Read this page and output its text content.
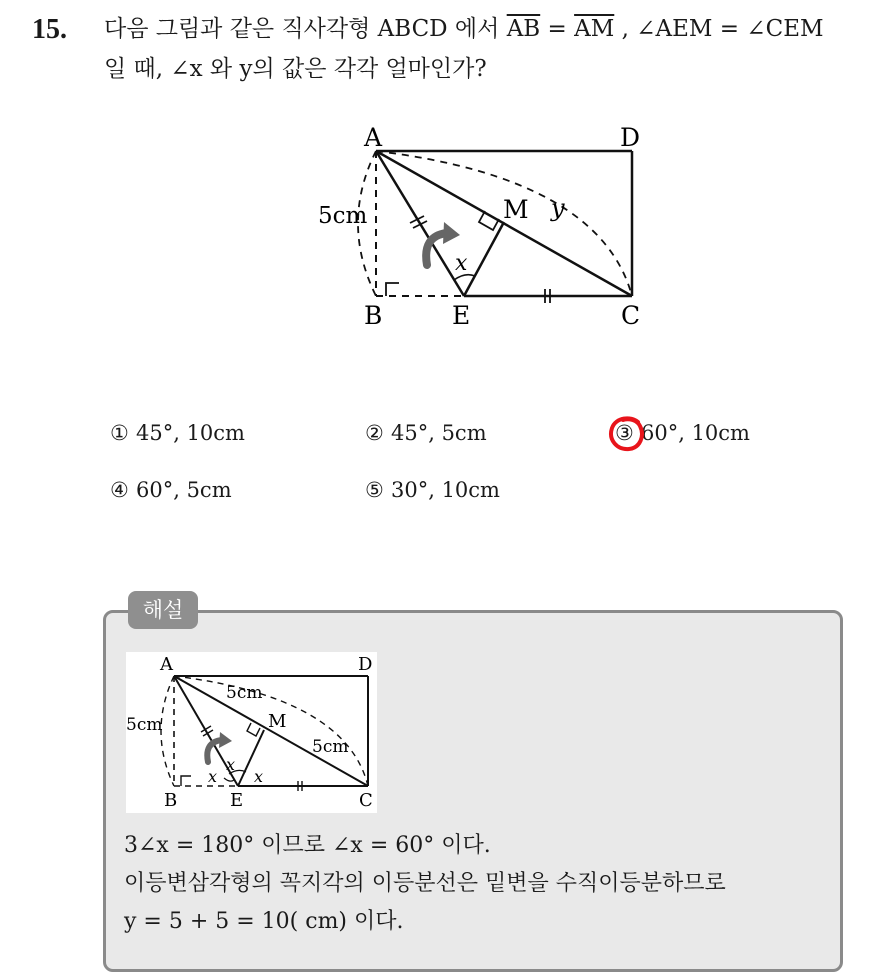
15. 다음 그림과 같은 직사각형 ABCD 에서 $\overline{AB} = \overline{AM}$ , ∠AEM = ∠CEM
일 때, ∠x 와 y의 값은 각각 얼마인가?
A	D
B	E	C
M
x
y
5cm
① 45°, 10cm	② 45°, 5cm	③ 60°, 10cm
④ 60°, 5cm	⑤ 30°, 10cm
해설
A	D
B	E	C
M
x
x x
5cm
5cm
5cm
3∠x = 180° 이므로 ∠x = 60° 이다.
이등변삼각형의 꼭지각의 이등분선은 밑변을 수직이등분하므로
y = 5 + 5 = 10( cm) 이다.
